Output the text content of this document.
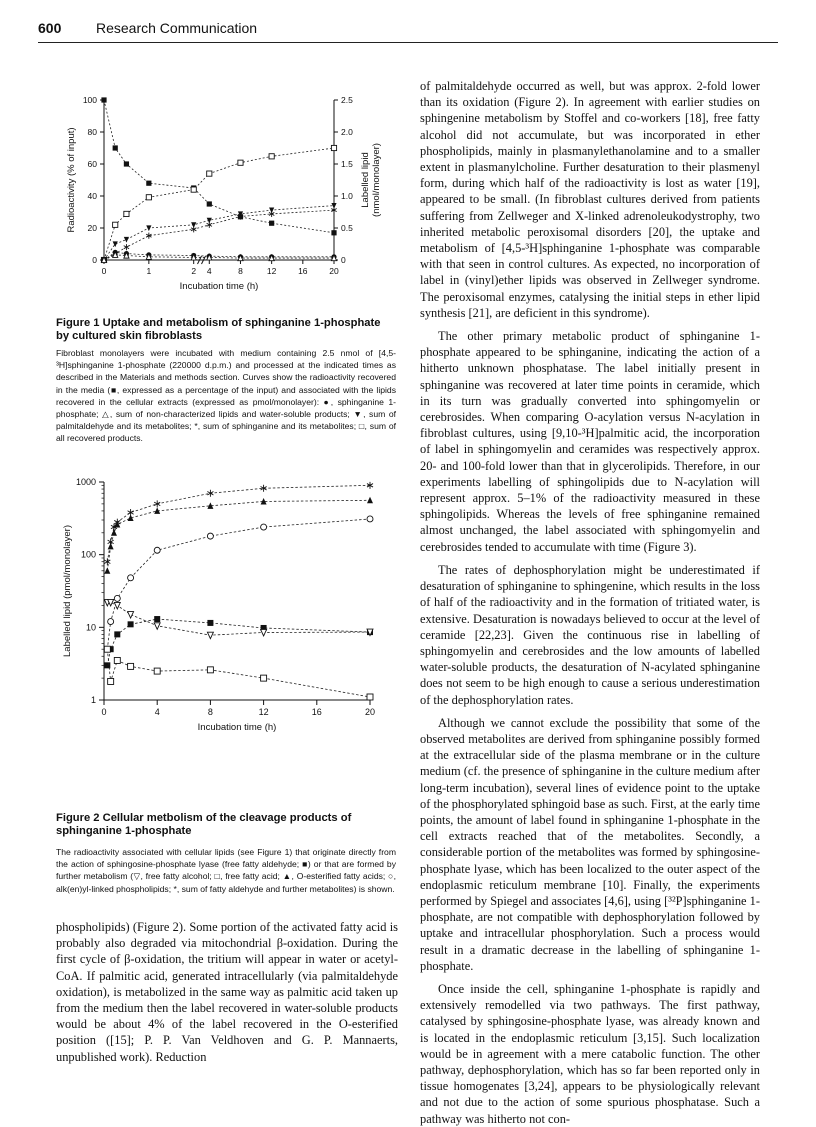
600 Research Communication
0
20
40
60
80
100
0
0.5
1.0
1.5
2.0
2.5
0	1	2 4	8	12	16	20
Incubation time (h)
Radioactivity (% of input)	Labelled lipid (nmol/monolayer)
Figure 1 Uptake and metabolism of sphinganine 1-phosphate by cultured skin fibroblasts
Fibroblast monolayers were incubated with medium containing 2.5 nmol of [4,5-³H]sphinganine 1-phosphate (220000 d.p.m.) and processed at the indicated times as described in the Materials and methods section. Curves show the radioactivity recovered in the media (■, expressed as a percentage of the input) and associated with the lipids recovered in the cellular extracts (expressed as pmol/monolayer): ●, sphinganine 1-phosphate; △, sum of non-characterized lipids and water-soluble products; ▼, sum of palmitaldehyde and its metabolites; *, sum of sphinganine and its metabolites; □, sum of all recovered products.
1
10
100
1000
0	4	8	12	16	20
Incubation time (h)
Labelled lipid (pmol/monolayer)
Figure 2 Cellular metbolism of the cleavage products of sphinganine 1-phosphate
The radioactivity associated with cellular lipids (see Figure 1) that originate directly from the action of sphingosine-phosphate lyase (free fatty aldehyde; ■) or that are formed by further metabolism (▽, free fatty alcohol; □, free fatty acid; ▲, O-esterified fatty acids; ○, alk(en)yl-linked phospholipids; *, sum of fatty aldehyde and further metabolites) is shown.

phospholipids) (Figure 2). Some portion of the activated fatty acid is probably also degraded via mitochondrial β-oxidation. During the first cycle of β-oxidation, the tritium will appear in water or acetyl-CoA. If palmitic acid, generated intracellularly (via palmitaldehyde oxidation), is metabolized in the same way as palmitic acid taken up from the medium then the label recovered in water-soluble products would be about 4% of the label recovered in the O-esterified position ([15]; P. P. Van Veldhoven and G. P. Mannaerts, unpublished work). Reduction

of palmitaldehyde occurred as well, but was approx. 2-fold lower than its oxidation (Figure 2). In agreement with earlier studies on sphingenine metabolism by Stoffel and co-workers [18], free fatty alcohol did not accumulate, but was incorporated in ether phospholipids, mainly in plasmanylethanolamine and to a smaller extent in plasmanylcholine. Further desaturation to their plasmenyl form, during which half of the radioactivity is lost as water [19], appeared to be small. (In fibroblast cultures derived from patients suffering from Zellweger and X-linked adrenoleukodystrophy, two inherited metabolic peroxisomal disorders [20], the uptake and metabolism of [4,5-³H]sphinganine 1-phosphate was comparable with that seen in control cultures. As expected, no incorporation of label in (vinyl)ether lipids was observed in Zellweger syndrome. The peroxisomal enzymes, catalysing the initial steps in ether lipid synthesis [21], are deficient in this syndrome).

The other primary metabolic product of sphinganine 1-phosphate appeared to be sphinganine, indicating the action of a hitherto unknown phosphatase. The label initially present in sphinganine was recovered at later time points in ceramide, which in its turn was gradually converted into sphingomyelin or cerebrosides. When comparing O-acylation versus N-acylation in fibroblast cultures, using [9,10-³H]palmitic acid, the incorporation of label in sphingomyelin and ceramides was respectively approx. 20- and 100-fold lower than that in glycerolipids. Therefore, in our experiments labelling of sphingolipids due to N-acylation will represent approx. 5–1% of the radioactivity measured in these sphingolipids. Whereas the levels of free sphinganine remained almost unchanged, the label associated with sphingomyelin and cerebrosides tended to accumulate with time (Figure 3).

The rates of dephosphorylation might be underestimated if desaturation of sphinganine to sphingenine, which results in the loss of half of the radioactivity and in the formation of tritiated water, is extensive. Desaturation is nowadays believed to occur at the level of ceramide [22,23]. Given the continuous rise in labelling of sphingomyelin and cerebrosides and the low amounts of labelled water-soluble products, the desaturation of N-acylated sphinganine does not seem to be high enough to cause a serious underestimation of the dephosphorylation rates.

Although we cannot exclude the possibility that some of the observed metabolites are derived from sphinganine possibly formed at the extracellular side of the plasma membrane or in the culture medium (cf. the presence of sphinganine in the culture medium after long-term incubation), several lines of evidence point to the uptake of the phosphorylated sphingoid base as such. First, at the early time points, the amount of label found in sphinganine 1-phosphate in the cell extracts reached that of the metabolites. Secondly, a considerable portion of the metabolites was formed by sphingosine-phosphate lyase, which has been localized to the outer aspect of the endoplasmic reticulum membrane [10]. Finally, the experiments performed by Spiegel and associates [4,6], using [³²P]sphinganine 1-phosphate, are not compatible with dephosphorylation followed by uptake and intracellular phosphorylation. Such a process would result in a dramatic decrease in the labelling of sphinganine 1-phosphate.

Once inside the cell, sphinganine 1-phosphate is rapidly and extensively remodelled via two pathways. The first pathway, catalysed by sphingosine-phosphate lyase, was already known and is located in the endoplasmic reticulum [3,15]. Such localization would be in agreement with a mere catabolic function. The other pathway, dephosphorylation, which has so far been reported only in tissue homogenates [3,24], appears to be physiologically relevant and not due to the action of some spurious phosphatase. Such a pathway was hitherto not con-
